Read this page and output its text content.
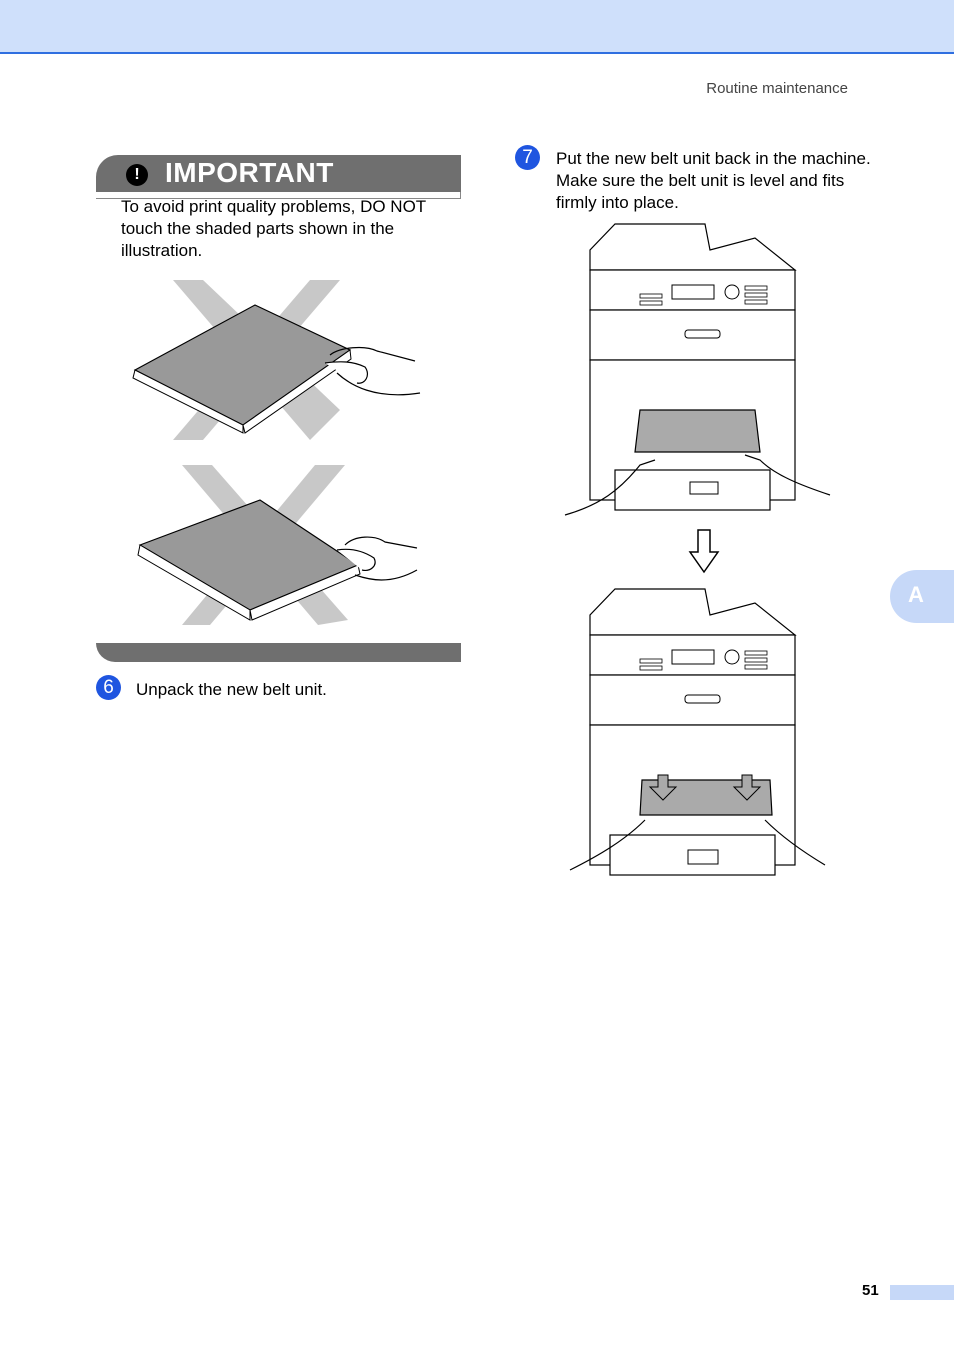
Routine maintenance
! IMPORTANT
To avoid print quality problems, DO NOT touch the shaded parts shown in the illustration.
6	Unpack the new belt unit.
7	Put the new belt unit back in the machine. Make sure the belt unit is level and fits firmly into place.
A
51
